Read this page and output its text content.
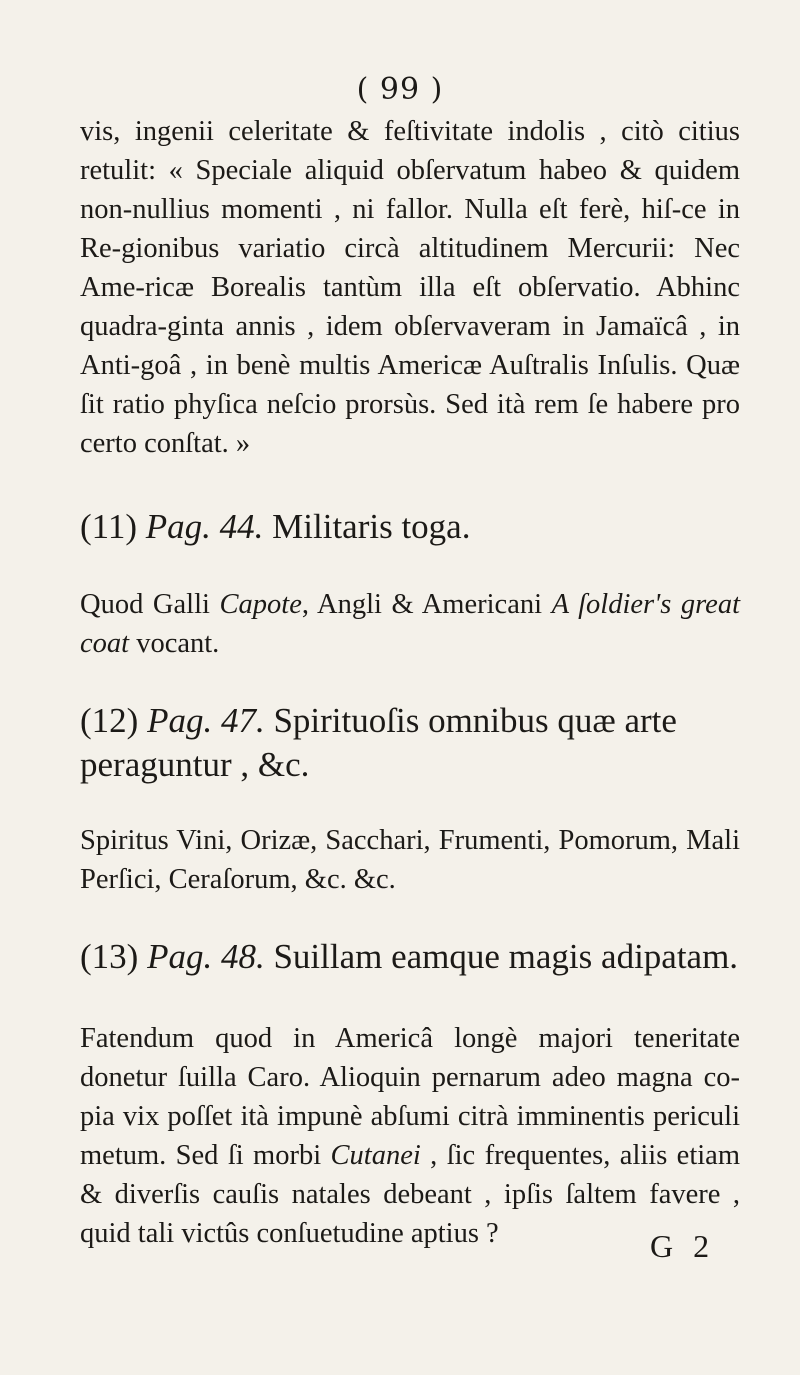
( 99 )

vis, ingenii celeritate & feſtivitate indolis , citò citius retulit: « Speciale aliquid obſervatum habeo & quidem non-nullius momenti , ni fallor. Nulla eſt ferè, hiſ-ce in Re-gionibus variatio circà altitudinem Mercurii: Nec Ame-ricæ Borealis tantùm illa eſt obſervatio. Abhinc quadra-ginta annis , idem obſervaveram in Jamaïcâ , in Anti-goâ , in benè multis Americæ Auſtralis Inſulis. Quæ ſit ratio phyſica neſcio prorsùs. Sed ità rem ſe habere pro certo conſtat. »

(11) Pag. 44. Militaris toga.

Quod Galli Capote, Angli & Americani A ſoldier's great coat vocant.

(12) Pag. 47. Spirituoſis omnibus quæ arte peraguntur , &c.

Spiritus Vini, Orizæ, Sacchari, Frumenti, Pomorum, Mali Perſici, Ceraſorum, &c. &c.

(13) Pag. 48. Suillam eamque magis adipatam.

Fatendum quod in Americâ longè majori teneritate donetur ſuilla Caro. Alioquin pernarum adeo magna co-pia vix poſſet ità impunè abſumi citrà imminentis periculi metum. Sed ſi morbi Cutanei , ſic frequentes, aliis etiam & diverſis cauſis natales debeant , ipſis ſaltem favere , quid tali victûs conſuetudine aptius ?	G 2
